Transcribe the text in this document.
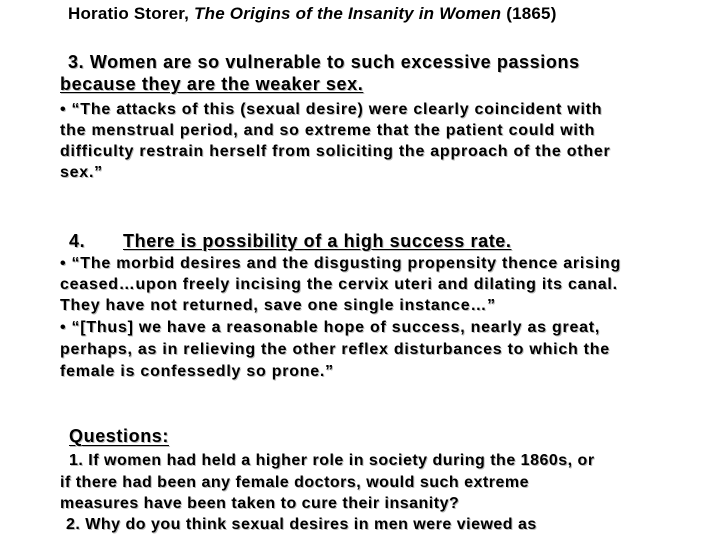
Horatio Storer, The Origins of the Insanity in Women (1865)
3. Women are so vulnerable to such excessive passions
because they are the weaker sex.
• “The attacks of this (sexual desire) were clearly coincident with
the menstrual period, and so extreme that the patient could with
difficulty restrain herself from soliciting the approach of the other
sex.”
4. There is possibility of a high success rate.
• “The morbid desires and the disgusting propensity thence arising
ceased…upon freely incising the cervix uteri and dilating its canal.
They have not returned, save one single instance…”
• “[Thus] we have a reasonable hope of success, nearly as great,
perhaps, as in relieving the other reflex disturbances to which the
female is confessedly so prone.”
Questions:
1. If women had held a higher role in society during the 1860s, or
if there had been any female doctors, would such extreme
measures have been taken to cure their insanity?
2. Why do you think sexual desires in men were viewed as
